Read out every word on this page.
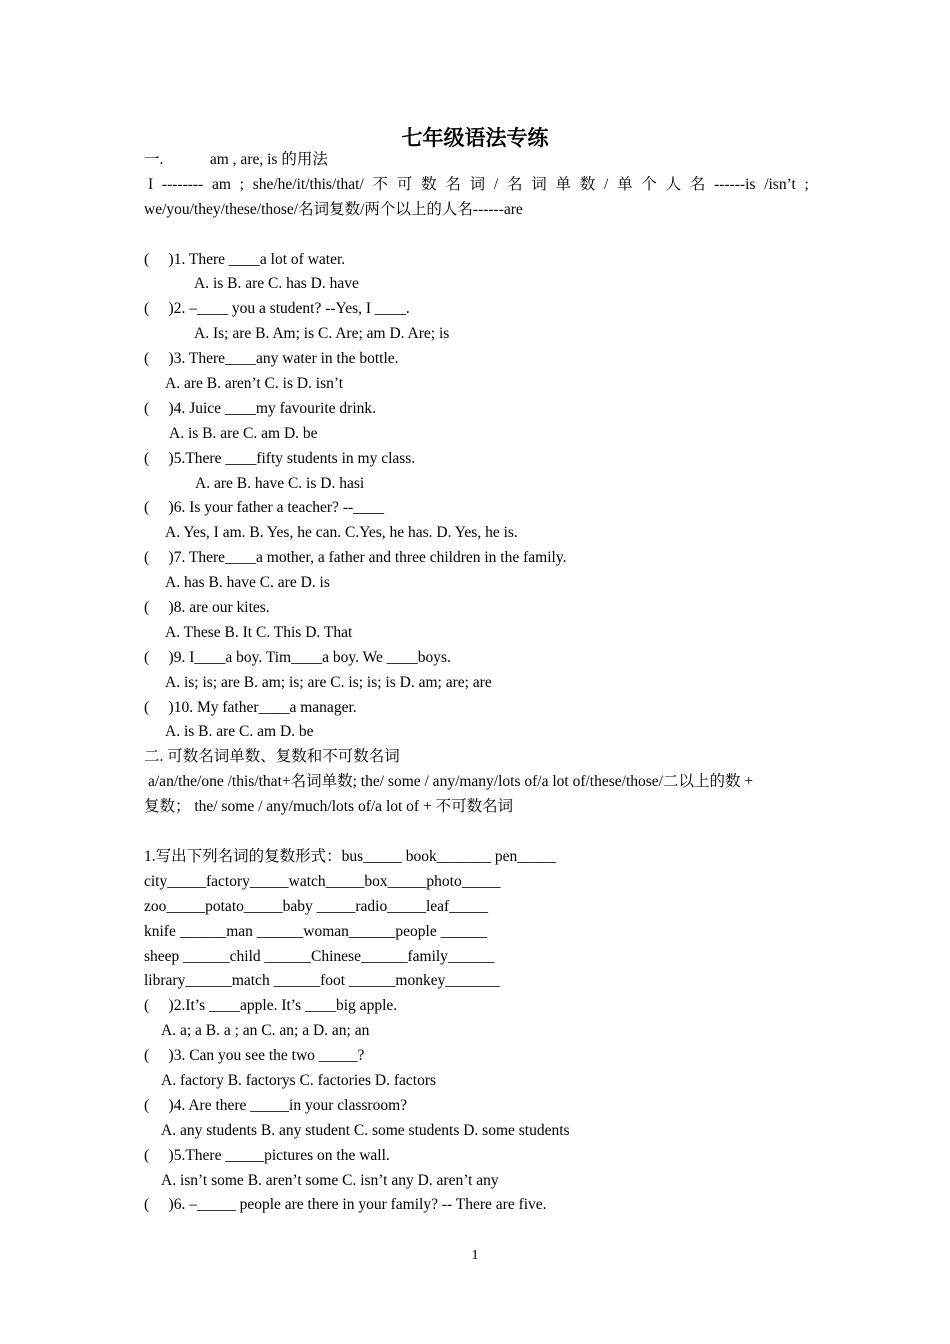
七年级语法专练
一.　　　am , are, is 的用法
I -------- am ; she/he/it/this/that/ 不 可 数 名 词 / 名 词 单 数 / 单 个 人 名 ------is /isn’t ;
we/you/they/these/those/名词复数/两个以上的人名------are
(　 )1. There ____a lot of water.
A. is B. are C. has D. have
(　 )2. –____ you a student? --Yes, I ____.
A. Is; are B. Am; is C. Are; am D. Are; is
(　 )3. There____any water in the bottle.
A. are B. aren’t C. is D. isn’t
(　 )4. Juice ____my favourite drink.
A. is B. are C. am D. be
(　 )5.There ____fifty students in my class.
A. are B. have C. is D. hasi
(　 )6. Is your father a teacher? --____
A. Yes, I am. B. Yes, he can. C.Yes, he has. D. Yes, he is.
(　 )7. There____a mother, a father and three children in the family.
A. has B. have C. are D. is
(　 )8. are our kites.
A. These B. It C. This D. That
(　 )9. I____a boy. Tim____a boy. We ____boys.
A. is; is; are B. am; is; are C. is; is; is D. am; are; are
(　 )10. My father____a manager.
A. is B. are C. am D. be
二. 可数名词单数、复数和不可数名词
a/an/the/one /this/that+名词单数; the/ some / any/many/lots of/a lot of/these/those/二以上的数 +
复数； the/ some / any/much/lots of/a lot of + 不可数名词
1.写出下列名词的复数形式：bus_____ book_______ pen_____
city_____factory_____watch_____box_____photo_____
zoo_____potato_____baby _____radio_____leaf_____
knife ______man ______woman______people ______
sheep ______child ______Chinese______family______
library______match ______foot ______monkey_______
(　 )2.It’s ____apple. It’s ____big apple.
A. a; a B. a ; an C. an; a D. an; an
(　 )3. Can you see the two _____?
A. factory B. factorys C. factories D. factors
(　 )4. Are there _____in your classroom?
A. any students B. any student C. some students D. some students
(　 )5.There _____pictures on the wall.
A. isn’t some B. aren’t some C. isn’t any D. aren’t any
(　 )6. –_____ people are there in your family? -- There are five.
1
